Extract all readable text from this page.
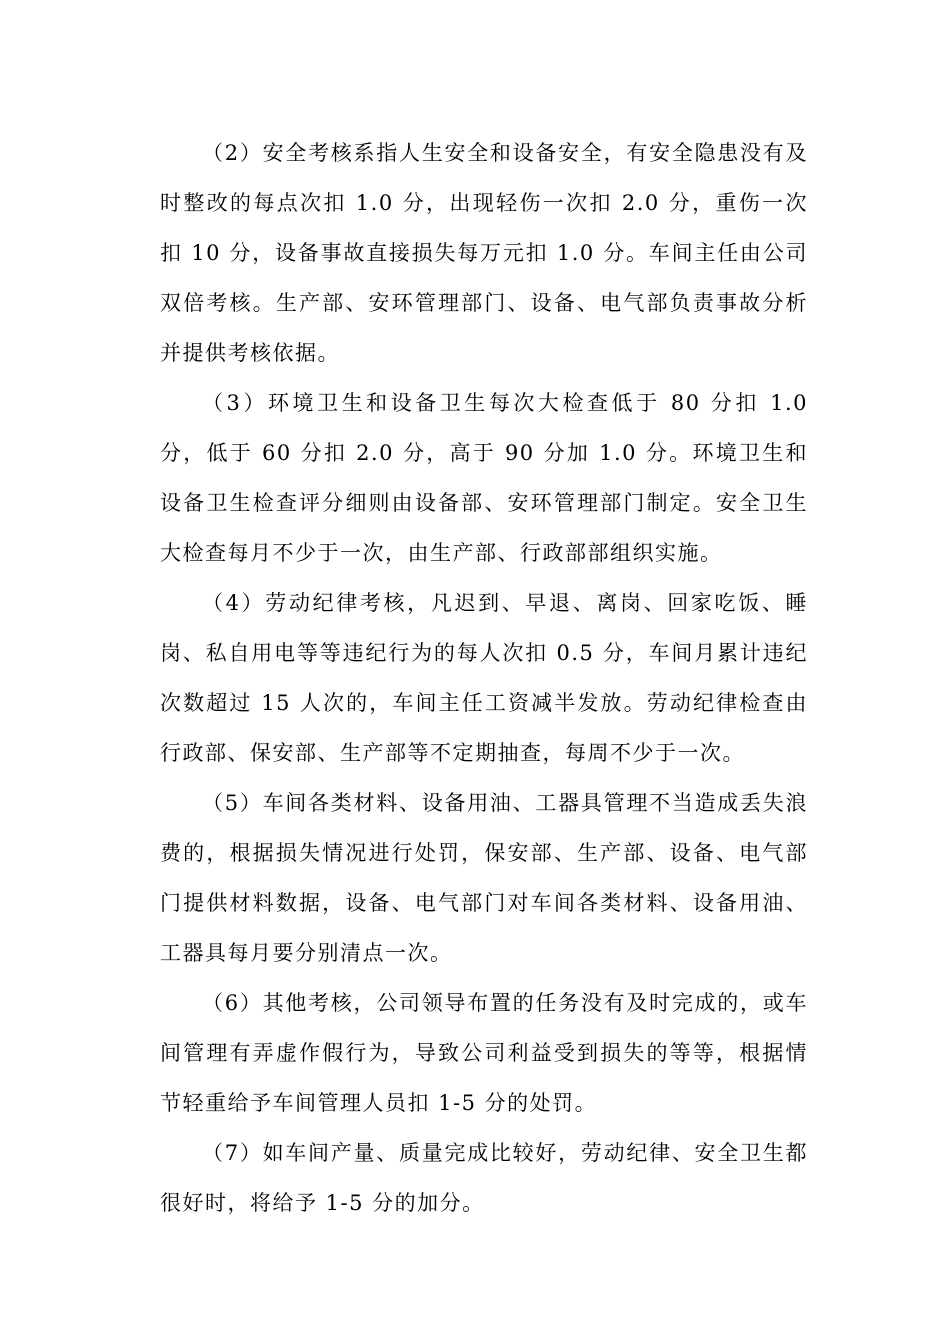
（2）安全考核系指人生安全和设备安全，有安全隐患没有及时整改的每点次扣 1.0 分，出现轻伤一次扣 2.0 分，重伤一次扣 10 分，设备事故直接损失每万元扣 1.0 分。车间主任由公司双倍考核。生产部、安环管理部门、设备、电气部负责事故分析并提供考核依据。

（3）环境卫生和设备卫生每次大检查低于 80 分扣 1.0 分，低于 60 分扣 2.0 分，高于 90 分加 1.0 分。环境卫生和设备卫生检查评分细则由设备部、安环管理部门制定。安全卫生大检查每月不少于一次，由生产部、行政部部组织实施。

（4）劳动纪律考核，凡迟到、早退、离岗、回家吃饭、睡岗、私自用电等等违纪行为的每人次扣 0.5 分，车间月累计违纪次数超过 15 人次的，车间主任工资减半发放。劳动纪律检查由行政部、保安部、生产部等不定期抽查，每周不少于一次。

（5）车间各类材料、设备用油、工器具管理不当造成丢失浪费的，根据损失情况进行处罚，保安部、生产部、设备、电气部门提供材料数据，设备、电气部门对车间各类材料、设备用油、工器具每月要分别清点一次。

（6）其他考核，公司领导布置的任务没有及时完成的，或车间管理有弄虚作假行为，导致公司利益受到损失的等等，根据情节轻重给予车间管理人员扣 1-5 分的处罚。

（7）如车间产量、质量完成比较好，劳动纪律、安全卫生都很好时，将给予 1-5 分的加分。
